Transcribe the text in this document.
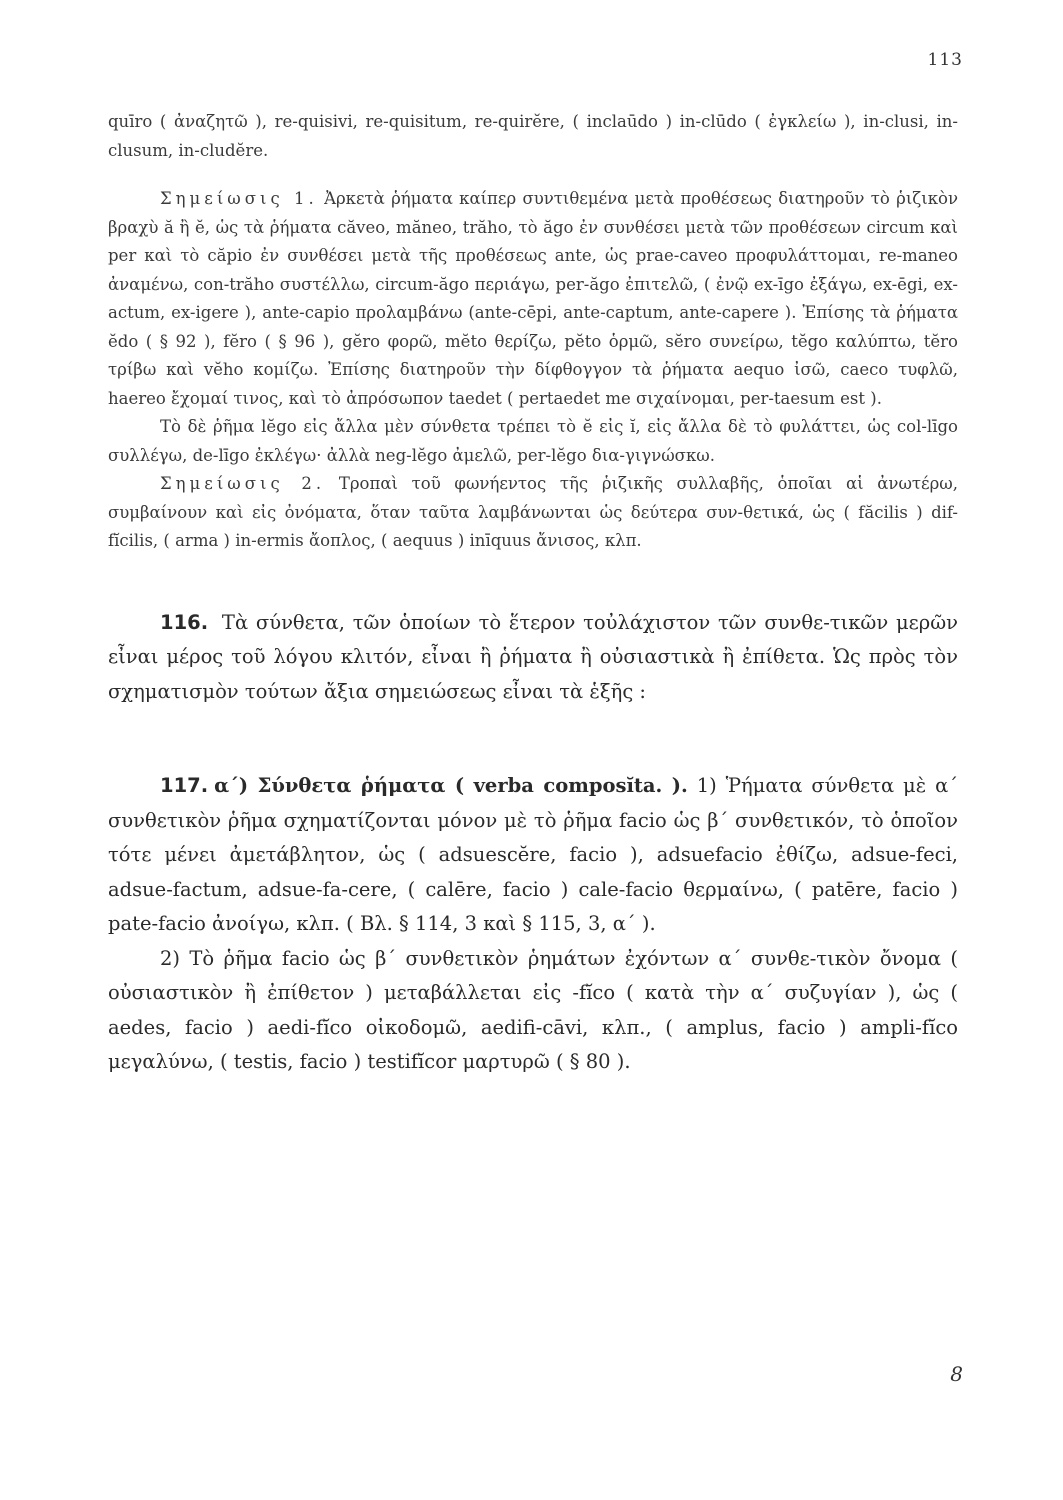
113

quīro ( ἀναζητῶ ), re-quisivi, re-quisitum, re-quirĕre, ( inclaūdo ) in-clūdo ( ἐγκλείω ), in-clusi, in-clusum, in-cludĕre.

Σημείωσις 1. Ἀρκετὰ ῥήματα καίπερ συντιθεμένα μετὰ προθέσεως διατηροῦν τὸ ῥιζικὸν βραχὺ ă ἢ ĕ, ὡς τὰ ῥήματα căveo, măneo, trăho, τὸ ăgo ἐν συνθέσει μετὰ τῶν προθέσεων circum καὶ per καὶ τὸ căpio ἐν συνθέσει μετὰ τῆς προθέσεως ante, ὡς prae-caveo προφυλάττομαι, re-maneo ἀναμένω, con-trăho συστέλλω, circum-ăgo περιάγω, per-ăgo ἐπιτελῶ, ( ἐνῷ ex-īgo ἐξάγω, ex-ēgi, ex-actum, ex-igere ), ante-capio προλαμβάνω (ante-cēpi, ante-captum, ante-capere ). Ἐπίσης τὰ ῥήματα ĕdo ( § 92 ), fĕro ( § 96 ), gĕro φορῶ, mĕto θερίζω, pĕto ὁρμῶ, sĕro συνείρω, tĕgo καλύπτω, tĕro τρίβω καὶ vĕho κομίζω. Ἐπίσης διατηροῦν τὴν δίφθογγον τὰ ῥήματα aequo ἰσῶ, caeco τυφλῶ, haereo ἔχομαί τινος, καὶ τὸ ἀπρόσωπον taedet ( pertaedet me σιχαίνομαι, per-taesum est ).

Τὸ δὲ ῥῆμα lĕgo εἰς ἄλλα μὲν σύνθετα τρέπει τὸ ĕ εἰς ĭ, εἰς ἄλλα δὲ τὸ φυλάττει, ὡς col-līgo συλλέγω, de-līgo ἐκλέγω· ἀλλὰ neg-lĕgo ἀμελῶ, per-lĕgo δια-γιγνώσκω.

Σημείωσις 2. Τροπαὶ τοῦ φωνήεντος τῆς ῥιζικῆς συλλαβῆς, ὁποῖαι αἱ ἀνωτέρω, συμβαίνουν καὶ εἰς ὀνόματα, ὅταν ταῦτα λαμβάνωνται ὡς δεύτερα συν-θετικά, ὡς ( făcilis ) dif-fĭcilis, ( arma ) in-ermis ἄοπλος, ( aequus ) inīquus ἄνισος, κλπ.

116. Τὰ σύνθετα, τῶν ὁποίων τὸ ἕτερον τοὐλάχιστον τῶν συνθε-τικῶν μερῶν εἶναι μέρος τοῦ λόγου κλιτόν, εἶναι ἢ ῥήματα ἢ οὐσιαστικὰ ἢ ἐπίθετα. Ὡς πρὸς τὸν σχηματισμὸν τούτων ἄξια σημειώσεως εἶναι τὰ ἑξῆς :

117. α΄) Σύνθετα ῥήματα ( verba composĭta. ). 1) Ῥήματα σύνθετα μὲ α΄ συνθετικὸν ῥῆμα σχηματίζονται μόνον μὲ τὸ ῥῆμα facio ὡς β΄ συνθετικόν, τὸ ὁποῖον τότε μένει ἀμετάβλητον, ὡς ( adsuescĕre, facio ), adsuefacio ἐθίζω, adsue-feci, adsue-factum, adsue-fa-cere, ( calēre, facio ) cale-facio θερμαίνω, ( patēre, facio ) pate-facio ἀνοίγω, κλπ. ( Βλ. § 114, 3 καὶ § 115, 3, α΄ ).

2) Τὸ ῥῆμα facio ὡς β΄ συνθετικὸν ῥημάτων ἐχόντων α΄ συνθε-τικὸν ὄνομα ( οὐσιαστικὸν ἢ ἐπίθετον ) μεταβάλλεται εἰς -fĭco ( κατὰ τὴν α΄ συζυγίαν ), ὡς ( aedes, facio ) aedi-fĭco οἰκοδομῶ, aedifi-cāvi, κλπ., ( amplus, facio ) ampli-fĭco μεγαλύνω, ( testis, facio ) testifĭcor μαρτυρῶ ( § 80 ).

8
